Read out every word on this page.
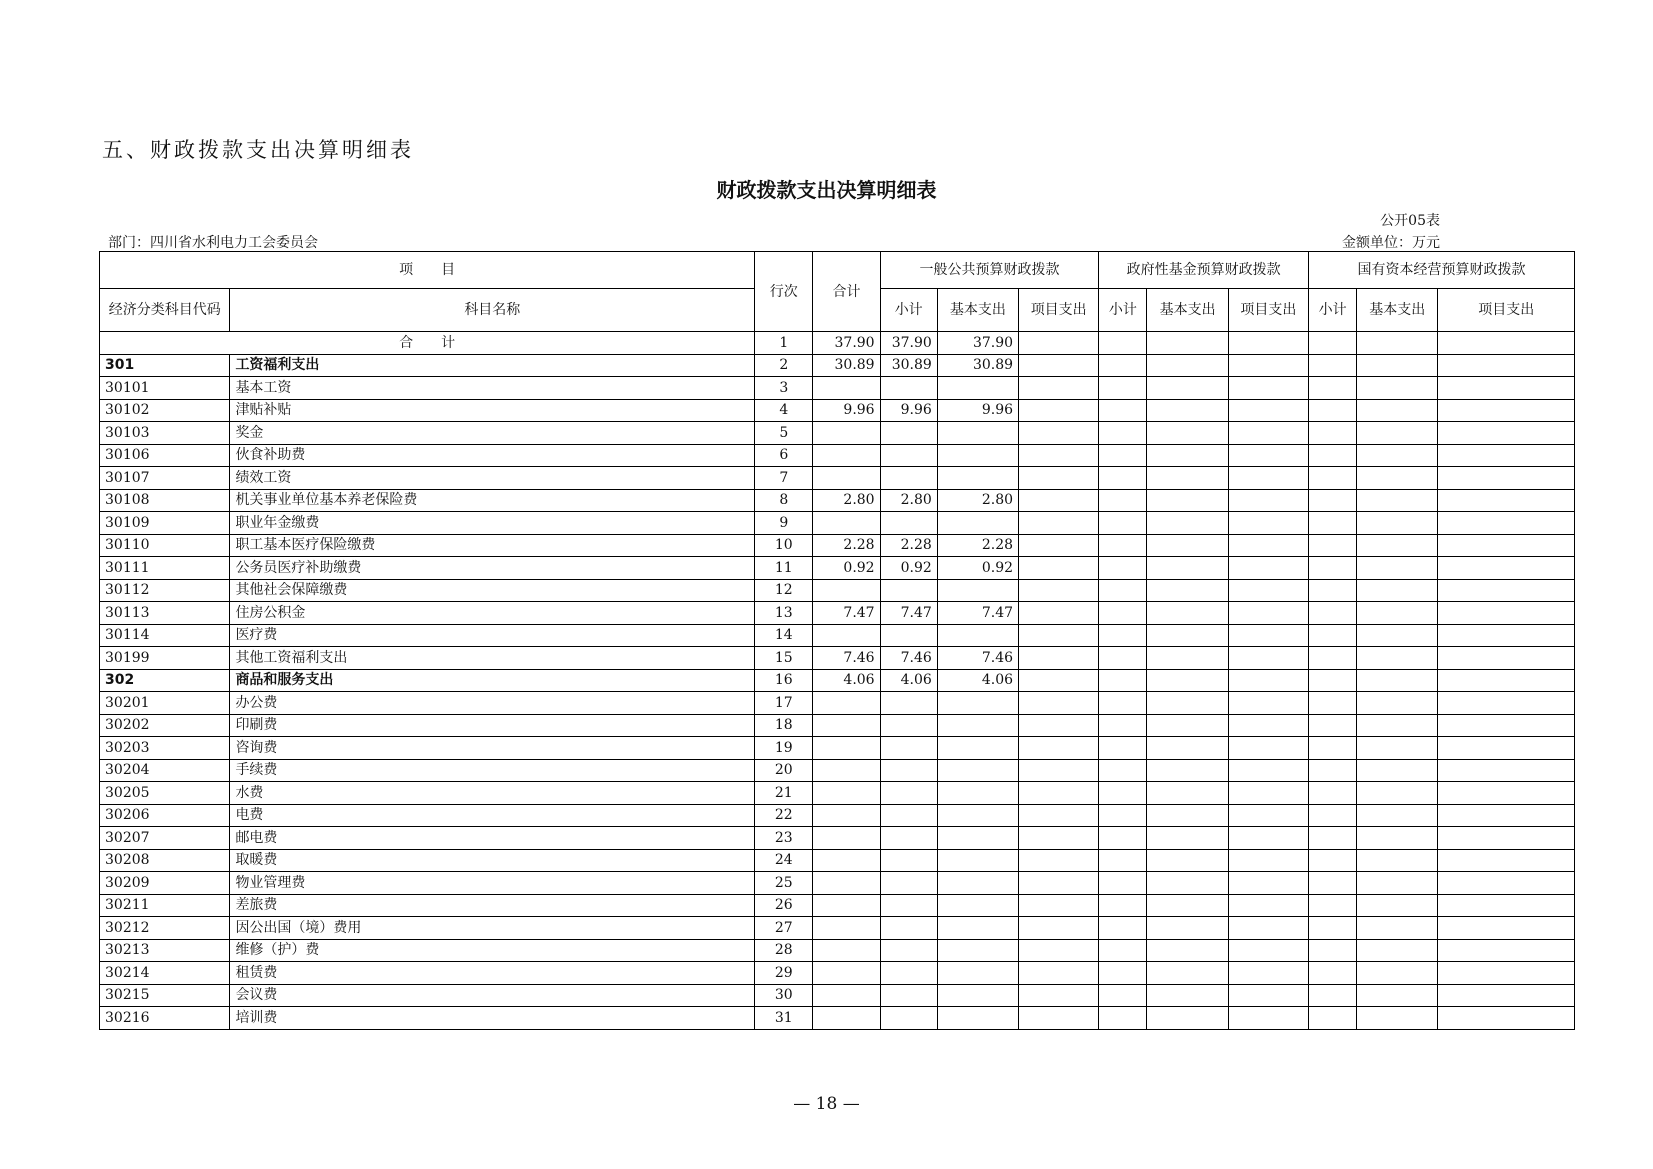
五、财政拨款支出决算明细表
财政拨款支出决算明细表
公开05表
部门：四川省水利电力工会委员会	金额单位：万元
项　　目		行次	合计	一般公共预算财政拨款			政府性基金预算财政拨款			国有资本经营预算财政拨款		
经济分类科目代码	科目名称			小计	基本支出	项目支出	小计	基本支出	项目支出	小计	基本支出	项目支出
合　　计		1	37.90	37.90	37.90							
301	工资福利支出	2	30.89	30.89	30.89							
30101	基本工资	3										
30102	津贴补贴	4	9.96	9.96	9.96							
30103	奖金	5										
30106	伙食补助费	6										
30107	绩效工资	7										
30108	机关事业单位基本养老保险费	8	2.80	2.80	2.80							
30109	职业年金缴费	9										
30110	职工基本医疗保险缴费	10	2.28	2.28	2.28							
30111	公务员医疗补助缴费	11	0.92	0.92	0.92							
30112	其他社会保障缴费	12										
30113	住房公积金	13	7.47	7.47	7.47							
30114	医疗费	14										
30199	其他工资福利支出	15	7.46	7.46	7.46							
302	商品和服务支出	16	4.06	4.06	4.06							
30201	办公费	17										
30202	印刷费	18										
30203	咨询费	19										
30204	手续费	20										
30205	水费	21										
30206	电费	22										
30207	邮电费	23										
30208	取暖费	24										
30209	物业管理费	25										
30211	差旅费	26										
30212	因公出国（境）费用	27										
30213	维修（护）费	28										
30214	租赁费	29										
30215	会议费	30										
30216	培训费	31										
— 18 —
